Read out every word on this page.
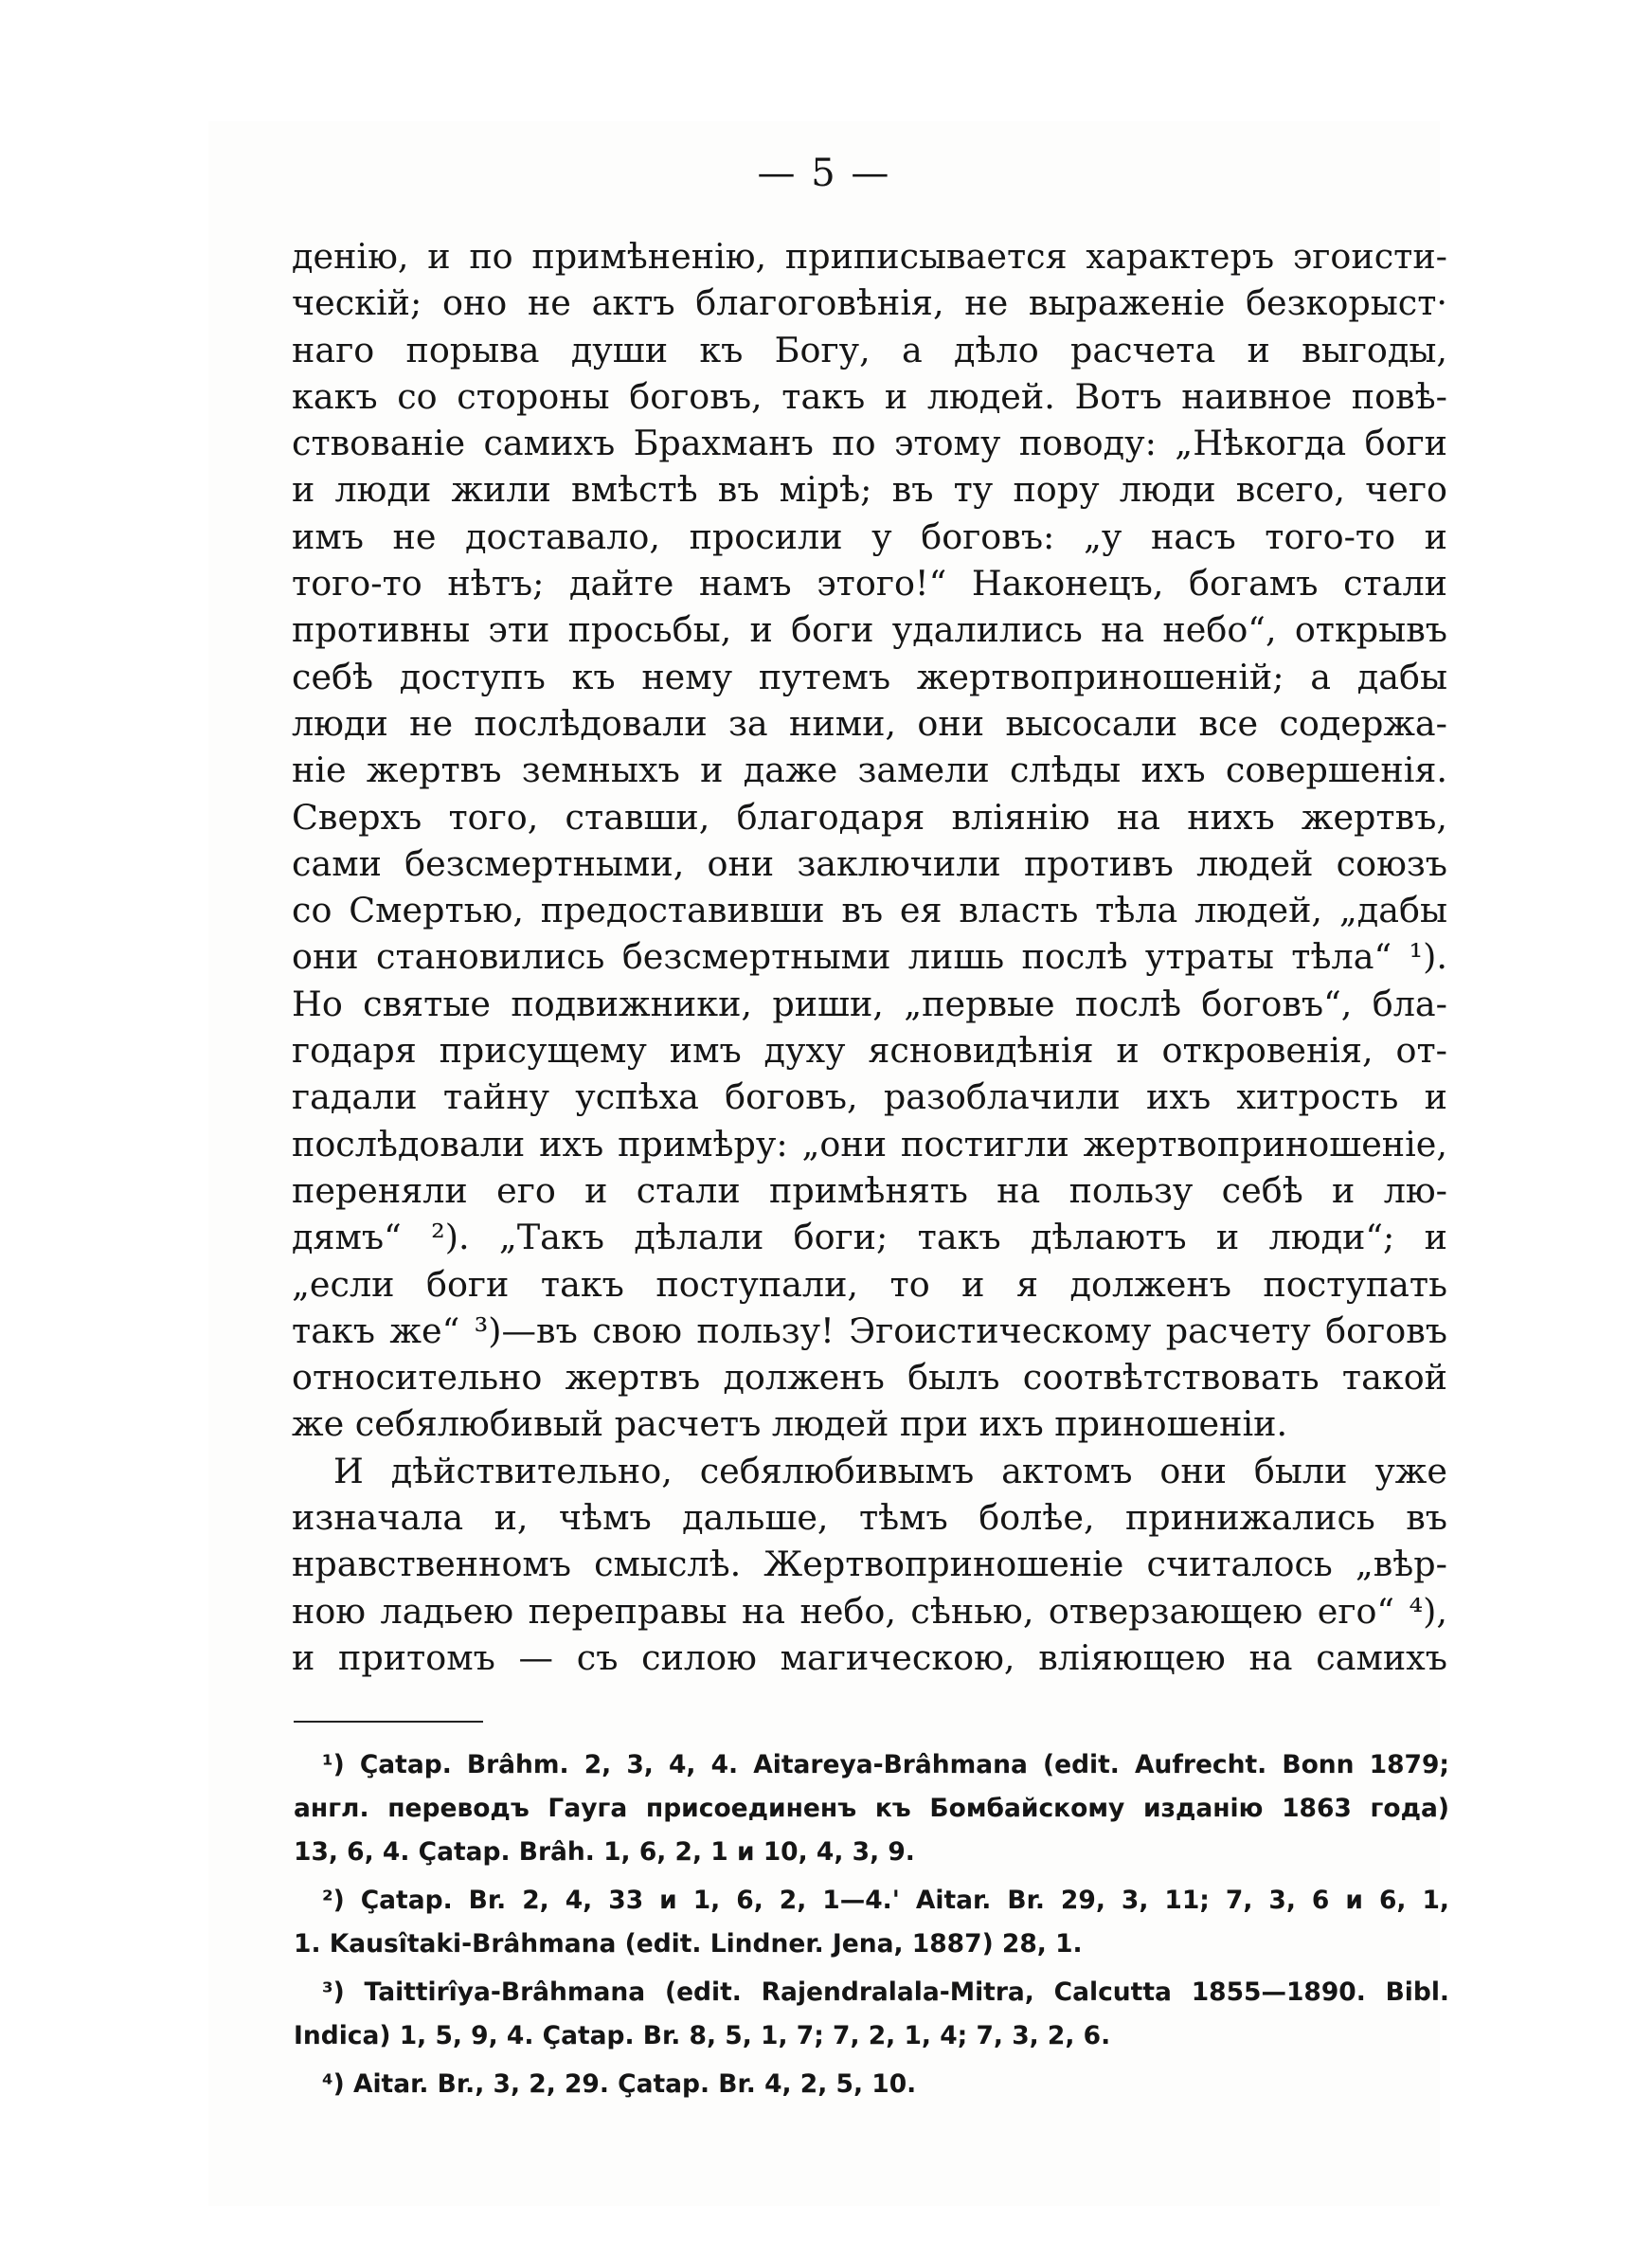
— 5 —
денію, и по примѣненію, приписывается характеръ эгоисти-
ческій; оно не актъ благоговѣнія, не выраженіе безкорыст·
наго порыва души къ Богу, а дѣло расчета и выгоды,
какъ со стороны боговъ, такъ и людей. Вотъ наивное повѣ-
ствованіе самихъ Брахманъ по этому поводу: „Нѣкогда боги
и люди жили вмѣстѣ въ мірѣ; въ ту пору люди всего, чего
имъ не доставало, просили у боговъ: „у насъ того-то и
того-то нѣтъ; дайте намъ этого!“ Наконецъ, богамъ стали
противны эти просьбы, и боги удалились на небо“, открывъ
себѣ доступъ къ нему путемъ жертвоприношеній; а дабы
люди не послѣдовали за ними, они высосали все содержа-
ніе жертвъ земныхъ и даже замели слѣды ихъ совершенія.
Сверхъ того, ставши, благодаря вліянію на нихъ жертвъ,
сами безсмертными, они заключили противъ людей союзъ
со Смертью, предоставивши въ ея власть тѣла людей, „дабы
они становились безсмертными лишь послѣ утраты тѣла“ ¹).
Но святые подвижники, риши, „первые послѣ боговъ“, бла-
годаря присущему имъ духу ясновидѣнія и откровенія, от-
гадали тайну успѣха боговъ, разоблачили ихъ хитрость и
послѣдовали ихъ примѣру: „они постигли жертвоприношеніе,
переняли его и стали примѣнять на пользу себѣ и лю-
дямъ“ ²). „Такъ дѣлали боги; такъ дѣлаютъ и люди“; и
„если боги такъ поступали, то и я долженъ поступать
такъ же“ ³)—въ свою пользу! Эгоистическому расчету боговъ
относительно жертвъ долженъ былъ соотвѣтствовать такой
же себялюбивый расчетъ людей при ихъ приношеніи.
И дѣйствительно, себялюбивымъ актомъ они были уже
изначала и, чѣмъ дальше, тѣмъ болѣе, принижались въ
нравственномъ смыслѣ. Жертвоприношеніе считалось „вѣр-
ною ладьею переправы на небо, сѣнью, отверзающею его“ ⁴),
и притомъ — съ силою магическою, вліяющею на самихъ
¹) Çatap. Brâhm. 2, 3, 4, 4. Aitareya-Brâhmana (edit. Aufrecht. Bonn 1879;
англ. переводъ Гауга присоединенъ къ Бомбайскому изданію 1863 года)
13, 6, 4. Çatap. Brâh. 1, 6, 2, 1 и 10, 4, 3, 9.
²) Çatap. Br. 2, 4, 33 и 1, 6, 2, 1—4.' Aitar. Br. 29, 3, 11; 7, 3, 6 и 6, 1,
1. Kausîtaki-Brâhmana (edit. Lindner. Jena, 1887) 28, 1.
³) Taittirîya-Brâhmana (edit. Rajendralala-Mitra, Calcutta 1855—1890. Bibl.
Indica) 1, 5, 9, 4. Çatap. Br. 8, 5, 1, 7; 7, 2, 1, 4; 7, 3, 2, 6.
⁴) Aitar. Br., 3, 2, 29. Çatap. Br. 4, 2, 5, 10.
